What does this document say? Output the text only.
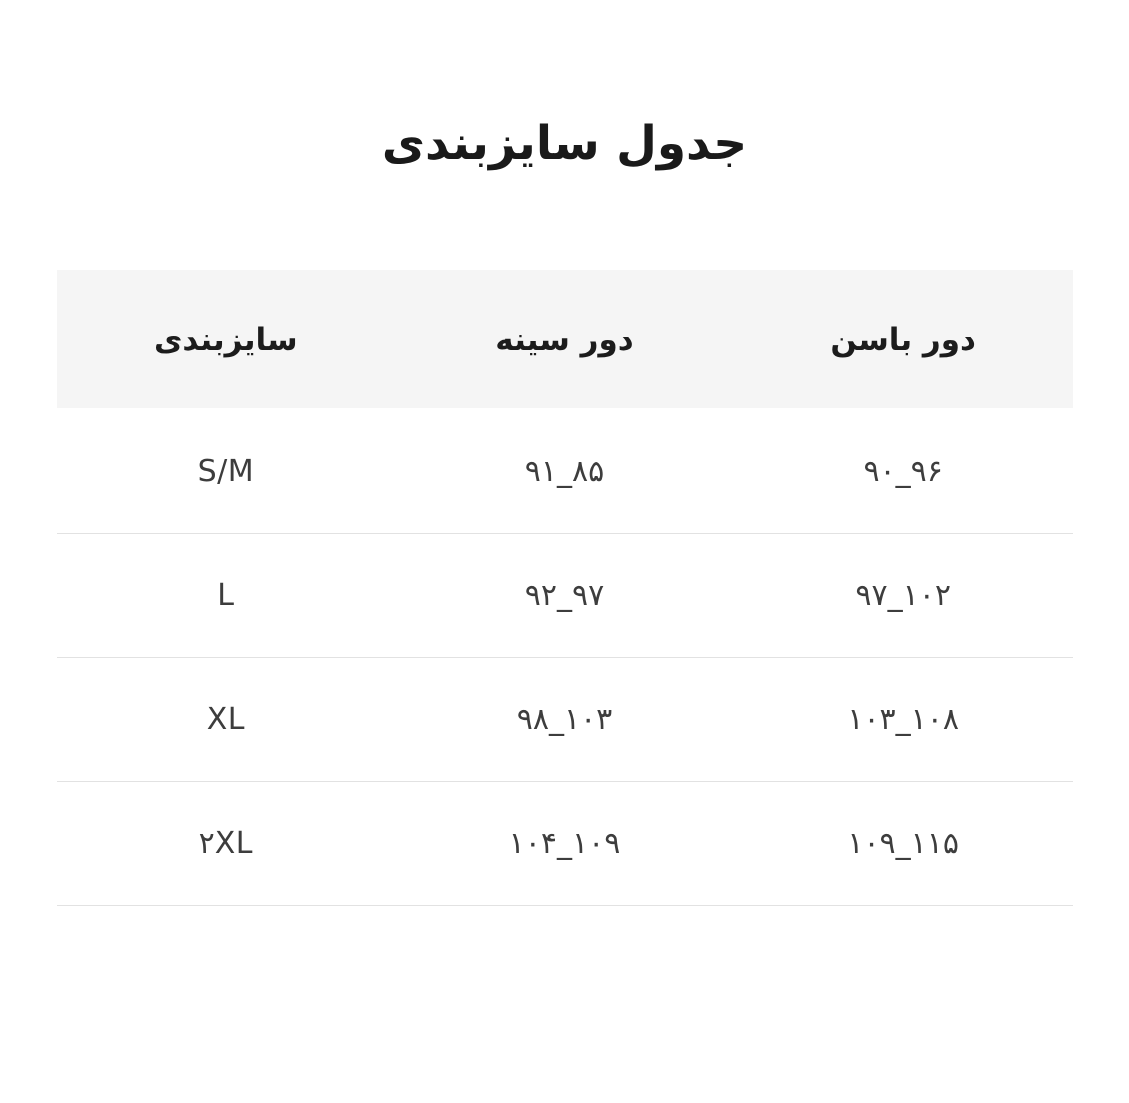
جدول سایزبندی
دور باسن	دور سینه	سایزبندی
۹۶_۹۰	۸۵_۹۱	S/M
۱۰۲_۹۷	۹۷_۹۲	L
۱۰۸_۱۰۳	۱۰۳_۹۸	XL
۱۱۵_۱۰۹	۱۰۹_۱۰۴	۲XL
